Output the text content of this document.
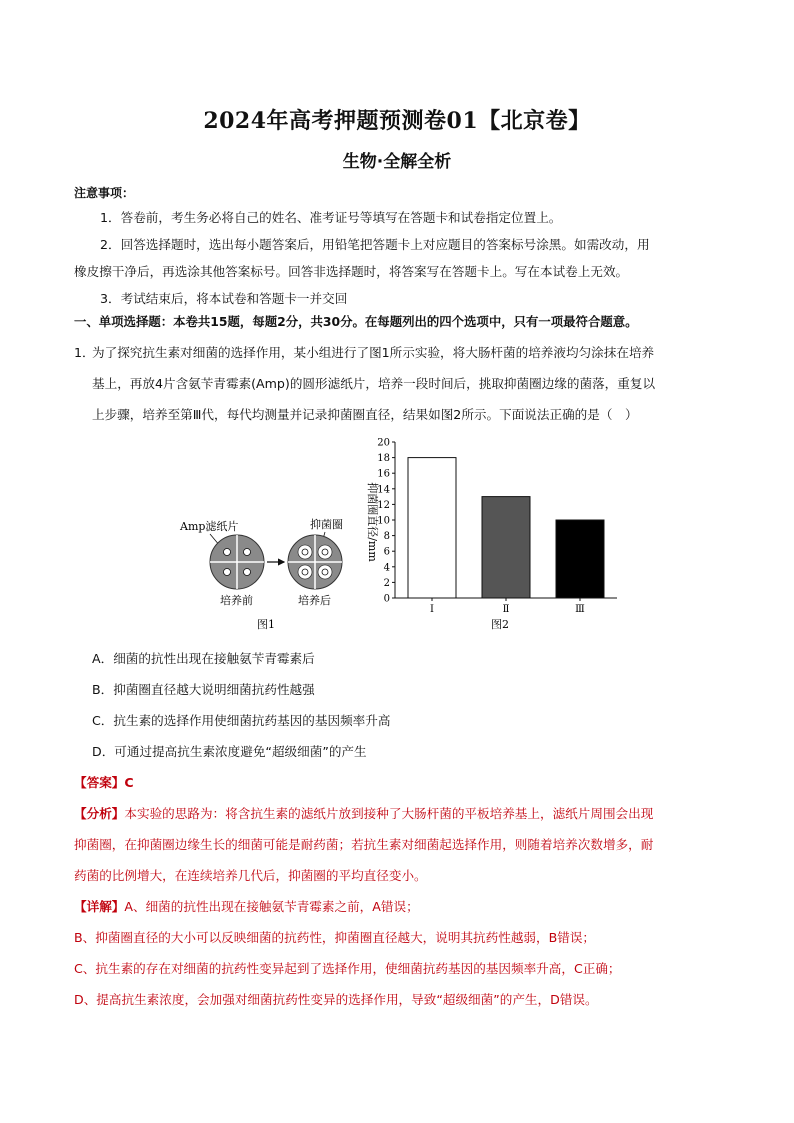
2024年高考押题预测卷01【北京卷】
生物·全解全析
注意事项：
1．答卷前，考生务必将自己的姓名、准考证号等填写在答题卡和试卷指定位置上。
2．回答选择题时，选出每小题答案后，用铅笔把答题卡上对应题目的答案标号涂黑。如需改动，用
橡皮擦干净后，再选涂其他答案标号。回答非选择题时，将答案写在答题卡上。写在本试卷上无效。
3．考试结束后，将本试卷和答题卡一并交回
一、单项选择题：本卷共15题，每题2分，共30分。在每题列出的四个选项中，只有一项最符合题意。
1．
为了探究抗生素对细菌的选择作用，某小组进行了图1所示实验，将大肠杆菌的培养液均匀涂抹在培养
基上，再放4片含氨苄青霉素(Amp)的圆形滤纸片，培养一段时间后，挑取抑菌圈边缘的菌落，重复以
上步骤，培养至第Ⅲ代，每代均测量并记录抑菌圈直径，结果如图2所示。下面说法正确的是（　）
Amp滤纸片	抑菌圈
培养前	培养后
图1
0
2
4
6
8
10
12
14
16
18
20
Ⅰ	Ⅱ	Ⅲ
图2
抑菌圈直径/mm
A．细菌的抗性出现在接触氨苄青霉素后
B．抑菌圈直径越大说明细菌抗药性越强
C．抗生素的选择作用使细菌抗药基因的基因频率升高
D．可通过提高抗生素浓度避免“超级细菌”的产生
【答案】C
【分析】本实验的思路为：将含抗生素的滤纸片放到接种了大肠杆菌的平板培养基上，滤纸片周围会出现
抑菌圈，在抑菌圈边缘生长的细菌可能是耐药菌；若抗生素对细菌起选择作用，则随着培养次数增多，耐
药菌的比例增大，在连续培养几代后，抑菌圈的平均直径变小。
【详解】A、细菌的抗性出现在接触氨苄青霉素之前，A错误；
B、抑菌圈直径的大小可以反映细菌的抗药性，抑菌圈直径越大，说明其抗药性越弱，B错误；
C、抗生素的存在对细菌的抗药性变异起到了选择作用，使细菌抗药基因的基因频率升高，C正确；
D、提高抗生素浓度，会加强对细菌抗药性变异的选择作用，导致“超级细菌”的产生，D错误。
